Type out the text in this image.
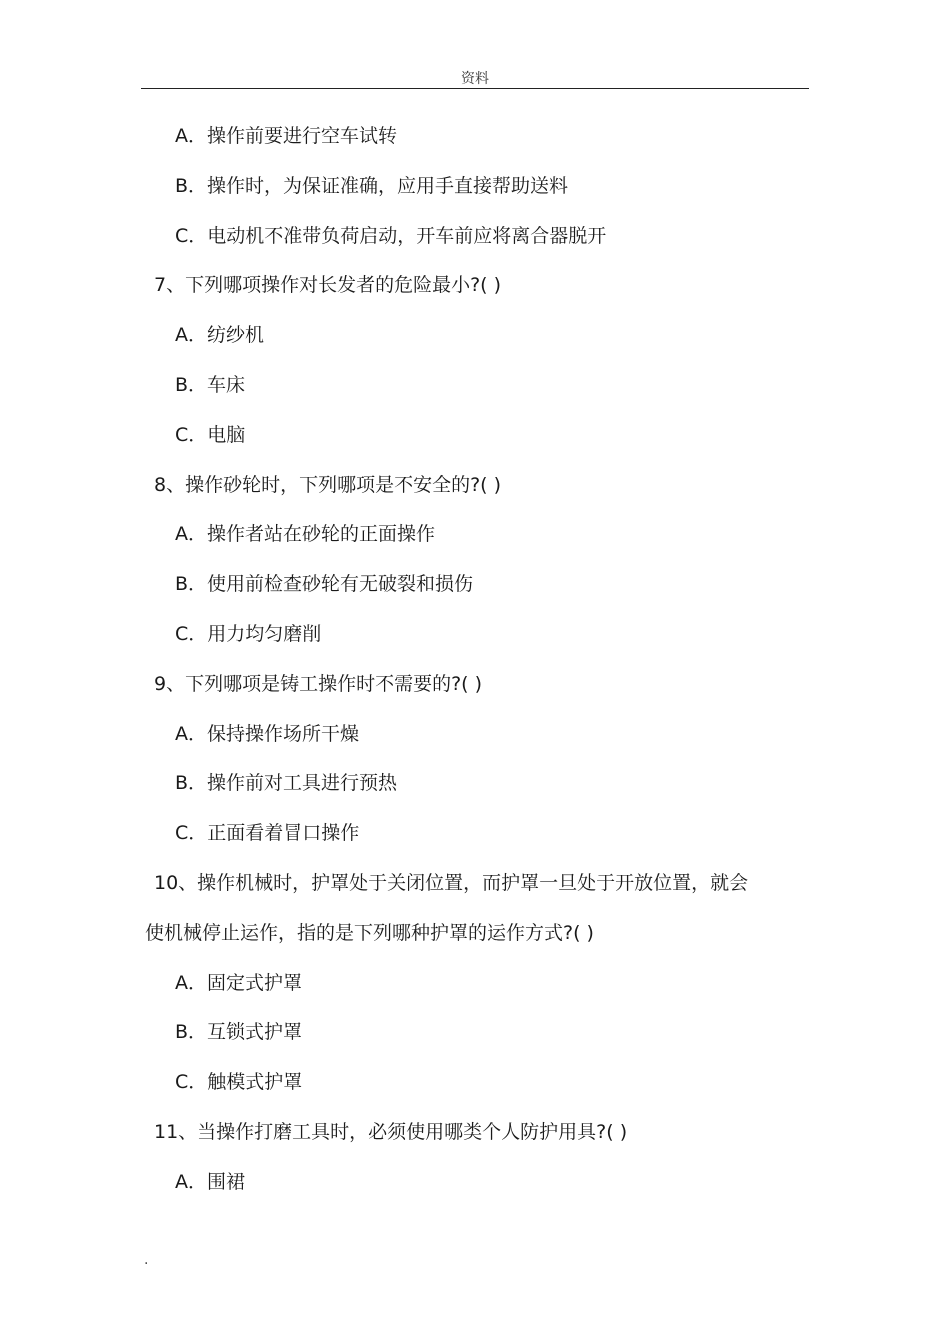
资料
A．操作前要进行空车试转
B．操作时，为保证准确，应用手直接帮助送料
C．电动机不准带负荷启动，开车前应将离合器脱开
7、下列哪项操作对长发者的危险最小?( )
A．纺纱机
B．车床
C．电脑
8、操作砂轮时，下列哪项是不安全的?( )
A．操作者站在砂轮的正面操作
B．使用前检查砂轮有无破裂和损伤
C．用力均匀磨削
9、下列哪项是铸工操作时不需要的?( )
A．保持操作场所干燥
B．操作前对工具进行预热
C．正面看着冒口操作
10、操作机械时，护罩处于关闭位置，而护罩一旦处于开放位置，就会
使机械停止运作，指的是下列哪种护罩的运作方式?( )
A．固定式护罩
B．互锁式护罩
C．触模式护罩
11、当操作打磨工具时，必须使用哪类个人防护用具?( )
A．围裙
.
